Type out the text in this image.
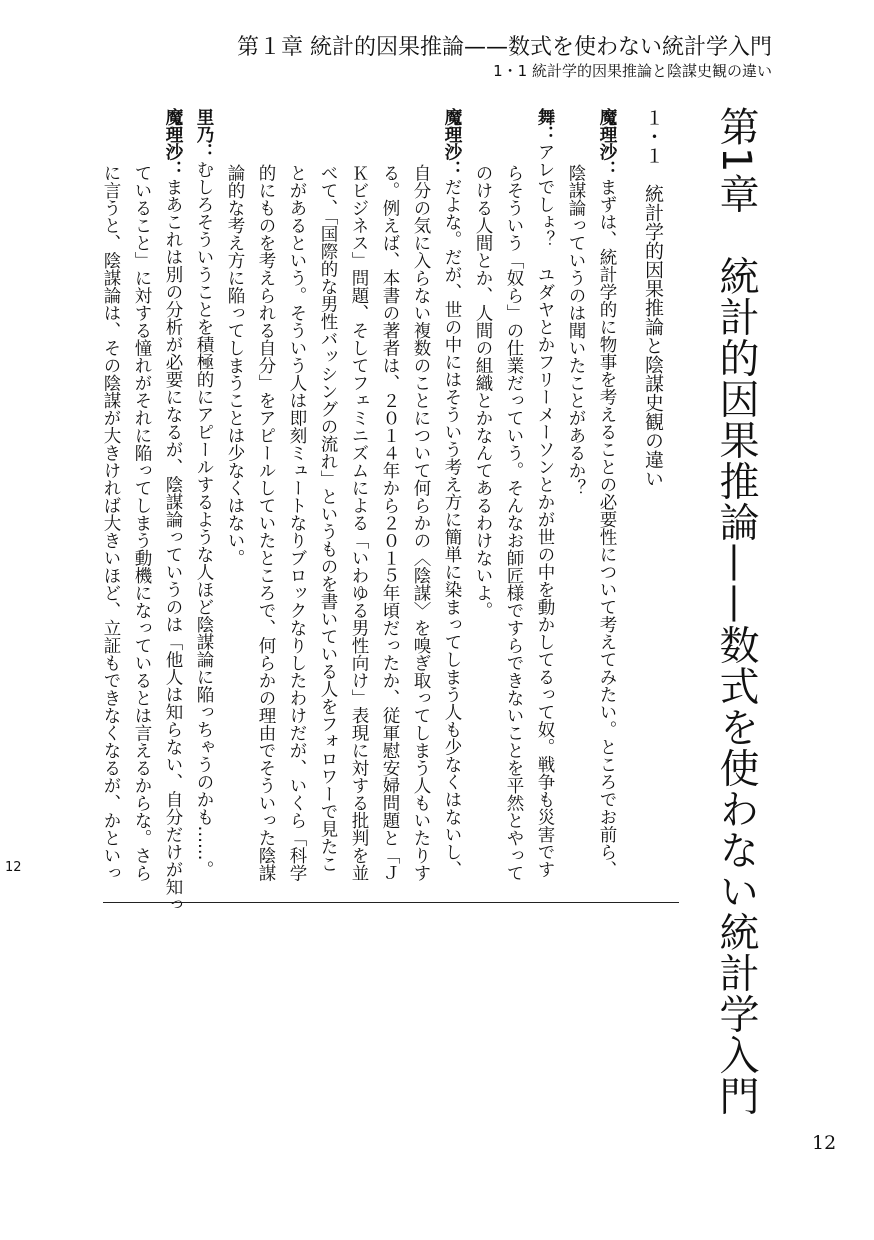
第１章 統計的因果推論——数式を使わない統計学入門
1・1 統計学的因果推論と陰謀史観の違い
第1章　統計的因果推論——数式を使わない統計学入門
１・１　統計学的因果推論と陰謀史観の違い
魔理沙：まずは、統計学的に物事を考えることの必要性について考えてみたい。ところでお前ら、
陰謀論っていうのは聞いたことがあるか？
舞：アレでしょ？　ユダヤとかフリーメーソンとかが世の中を動かしてるって奴。戦争も災害です
らそういう「奴ら」の仕業だっていう。そんなお師匠様ですらできないことを平然とやって
のける人間とか、人間の組織とかなんてあるわけないよ。
魔理沙：だよな。だが、世の中にはそういう考え方に簡単に染まってしまう人も少なくはないし、
自分の気に入らない複数のことについて何らかの〈陰謀〉を嗅ぎ取ってしまう人もいたりす
る。例えば、本書の著者は、２０１４年から２０１５年頃だったか、従軍慰安婦問題と「Ｊ
Ｋビジネス」問題、そしてフェミニズムによる「いわゆる男性向け」表現に対する批判を並
べて、「国際的な男性バッシングの流れ」というものを書いている人をフォロワーで見たこ
とがあるという。そういう人は即刻ミュートなりブロックなりしたわけだが、いくら「科学
的にものを考えられる自分」をアピールしていたところで、何らかの理由でそういった陰謀
論的な考え方に陥ってしまうことは少なくはない。
里乃：むしろそういうことを積極的にアピールするような人ほど陰謀論に陥っちゃうのかも……。
魔理沙：まあこれは別の分析が必要になるが、陰謀論っていうのは「他人は知らない、自分だけが知っ
ていること」に対する憧れがそれに陥ってしまう動機になっているとは言えるからな。さら
に言うと、陰謀論は、その陰謀が大きければ大きいほど、立証もできなくなるが、かといっ
12
12
